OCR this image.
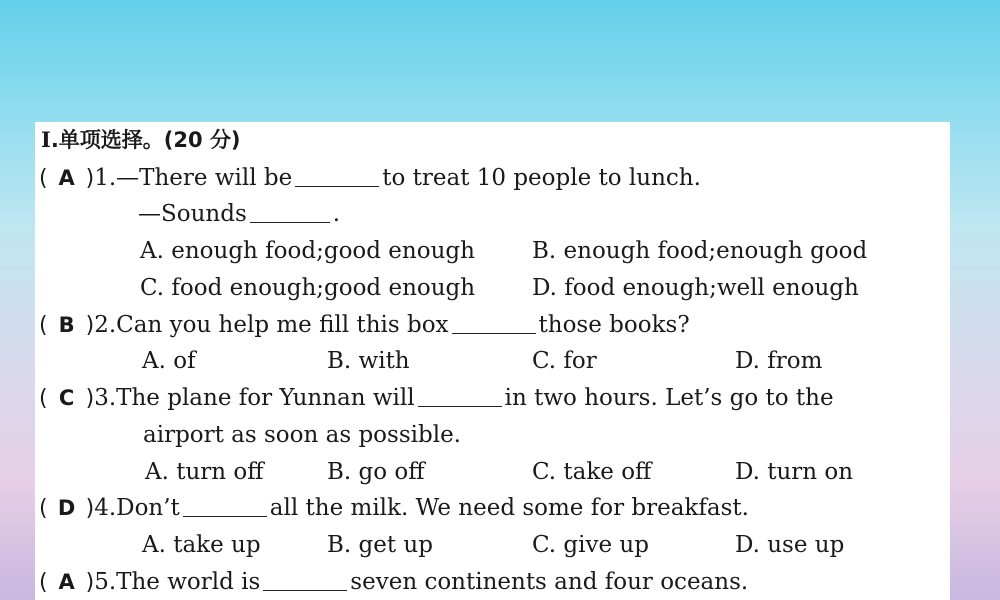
Ⅰ.单项选择。(20 分)
( A )1.—There will be	to treat 10 people to lunch.
—Sounds	.
A. enough food;good enough B. enough food;enough good
C. food enough;good enough D. food enough;well enough
( B )2.Can you help me fill this box	those books?
A. of	B. with	C. for	D. from
( C )3.The plane for Yunnan will	in two hours. Let’s go to the
airport as soon as possible.
A. turn off	B. go off	C. take off	D. turn on
( D )4.Don’t	all the milk. We need some for breakfast.
A. take up	B. get up	C. give up	D. use up
( A )5.The world is	seven continents and four oceans.
